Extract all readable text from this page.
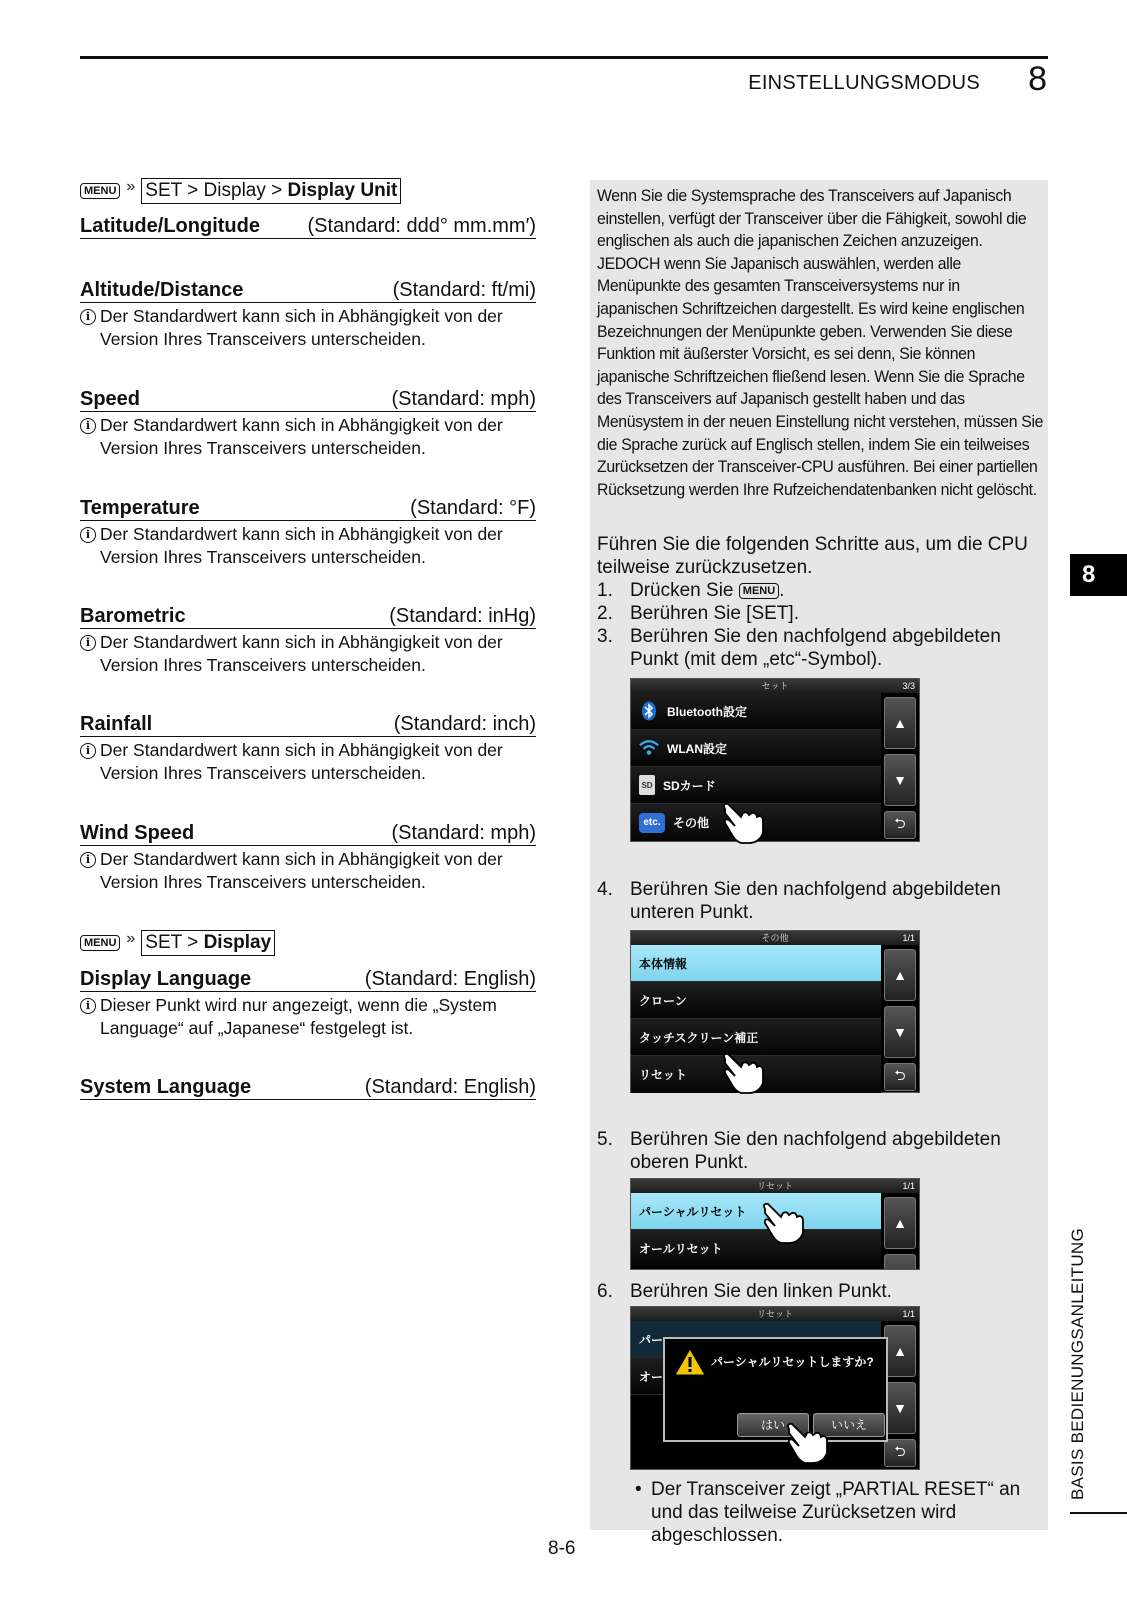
EINSTELLUNGSMODUS 8
MENU » SET > Display > Display Unit
Latitude/Longitude (Standard: ddd° mm.mm′)
Altitude/Distance	(Standard: ft/mi)
i Der Standardwert kann sich in Abhängigkeit von der Version Ihres Transceivers unterscheiden.
Speed	(Standard: mph)
i Der Standardwert kann sich in Abhängigkeit von der Version Ihres Transceivers unterscheiden.
Temperature	(Standard: °F)
i Der Standardwert kann sich in Abhängigkeit von der Version Ihres Transceivers unterscheiden.
Barometric	(Standard: inHg)
i Der Standardwert kann sich in Abhängigkeit von der Version Ihres Transceivers unterscheiden.
Rainfall	(Standard: inch)
i Der Standardwert kann sich in Abhängigkeit von der Version Ihres Transceivers unterscheiden.
Wind Speed	(Standard: mph)
i Der Standardwert kann sich in Abhängigkeit von der Version Ihres Transceivers unterscheiden.
MENU » SET > Display
Display Language	(Standard: English)
i Dieser Punkt wird nur angezeigt, wenn die „System Language“ auf „Japanese“ festgelegt ist.
System Language	(Standard: English)
Wenn Sie die Systemsprache des Transceivers auf Japanisch einstellen, verfügt der Transceiver über die Fähigkeit, sowohl die englischen als auch die japanischen Zeichen anzuzeigen. JEDOCH wenn Sie Japanisch auswählen, werden alle Menüpunkte des gesamten Transceiversystems nur in japanischen Schriftzeichen dargestellt. Es wird keine englischen Bezeichnungen der Menüpunkte geben. Verwenden Sie diese Funktion mit äußerster Vorsicht, es sei denn, Sie können japanische Schriftzeichen fließend lesen. Wenn Sie die Sprache des Transceivers auf Japanisch gestellt haben und das Menüsystem in der neuen Einstellung nicht verstehen, müssen Sie die Sprache zurück auf Englisch stellen, indem Sie ein teilweises Zurücksetzen der Transceiver-CPU ausführen. Bei einer partiellen Rücksetzung werden Ihre Rufzeichendatenbanken nicht gelöscht.
Führen Sie die folgenden Schritte aus, um die CPU teilweise zurückzusetzen.
1. Drücken Sie MENU .
2. Berühren Sie [SET].
3. Berühren Sie den nachfolgend abgebildeten Punkt (mit dem „etc“-Symbol).
セット	3/3
Bluetooth設定
WLAN設定
SD SDカード
etc.	その他
▲
▼
⮌
4. Berühren Sie den nachfolgend abgebildeten unteren Punkt.
その他	1/1
本体情報
クローン
タッチスクリーン補正
リセット
▲
▼
⮌
5. Berühren Sie den nachfolgend abgebildeten oberen Punkt.
リセット	1/1
パーシャルリセット
オールリセット
▲
6. Berühren Sie den linken Punkt.
リセット	1/1
パー
オー
▲
▼
⮌
パーシャルリセットしますか?
はい	いいえ
• Der Transceiver zeigt „PARTIAL RESET“ an und das teilweise Zurücksetzen wird abgeschlossen.
8
BASIS BEDIENUNGSANLEITUNG
8-6
